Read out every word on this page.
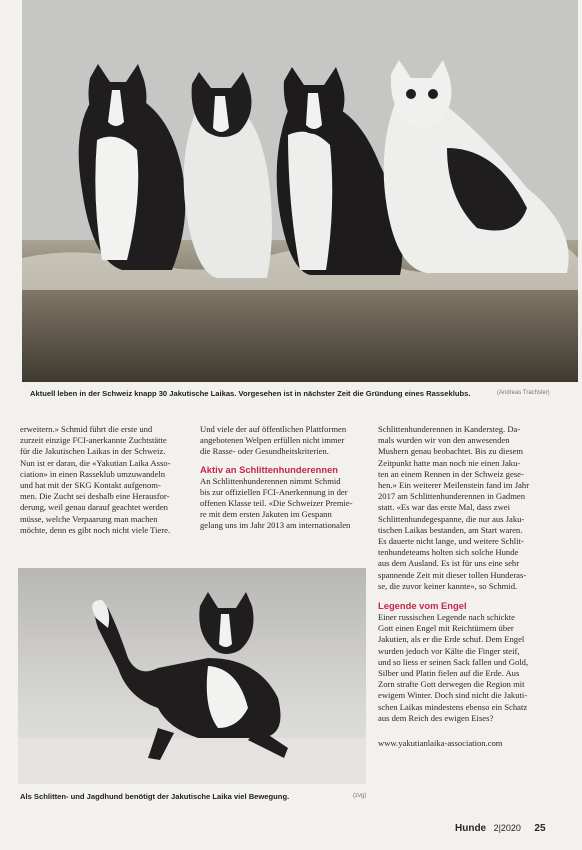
Aktuell leben in der Schweiz knapp 30 Jakutische Laikas. Vorgesehen ist in nächster Zeit die Gründung eines Rasseklubs.	(Andreas Trachsler)

erweitern.» Schmid führt die erste und

zurzeit einzige FCI-anerkannte Zuchtstätte

für die Jakutischen Laikas in der Schweiz.

Nun ist er daran, die «Yakutian Laika Asso-

ciation» in einen Rasseklub umzuwandeln

und hat mit der SKG Kontakt aufgenom-

men. Die Zucht sei deshalb eine Herausfor-

derung, weil genau darauf geachtet werden

müsse, welche Verpaarung man machen

möchte, denn es gibt noch nicht viele Tiere.

Und viele der auf öffentlichen Plattformen

angebotenen Welpen erfüllen nicht immer

die Rasse- oder Gesundheitskriterien.

Aktiv an Schlittenhunderennen

An Schlittenhunderennen nimmt Schmid

bis zur offiziellen FCI-Anerkennung in der

offenen Klasse teil. «Die Schweizer Premie-

re mit dem ersten Jakuten im Gespann

gelang uns im Jahr 2013 am internationalen

Als Schlitten- und Jagdhund benötigt der Jakutische Laika viel Bewegung.	(zvg)

Schlittenhunderennen in Kandersteg. Da-

mals wurden wir von den anwesenden

Mushern genau beobachtet. Bis zu diesem

Zeitpunkt hatte man noch nie einen Jaku-

ten an einem Rennen in der Schweiz gese-

hen.» Ein weiterer Meilenstein fand im Jahr

2017 am Schlittenhunderennen in Gadmen

statt. «Es war das erste Mal, dass zwei

Schlittenhundegespanne, die nur aus Jaku-

tischen Laikas bestanden, am Start waren.

Es dauerte nicht lange, und weitere Schlit-

tenhundeteams holten sich solche Hunde

aus dem Ausland. Es ist für uns eine sehr

spannende Zeit mit dieser tollen Hunderas-

se, die zuvor keiner kannte», so Schmid.

Legende vom Engel

Einer russischen Legende nach schickte

Gott einen Engel mit Reichtümern über

Jakutien, als er die Erde schuf. Dem Engel

wurden jedoch vor Kälte die Finger steif,

und so liess er seinen Sack fallen und Gold,

Silber und Platin fielen auf die Erde. Aus

Zorn strafte Gott derwegen die Region mit

ewigem Winter. Doch sind nicht die Jakuti-

schen Laikas mindestens ebenso ein Schatz

aus dem Reich des ewigen Eises?

www.yakutianlaika-association.com

Hunde 2|2020 25
